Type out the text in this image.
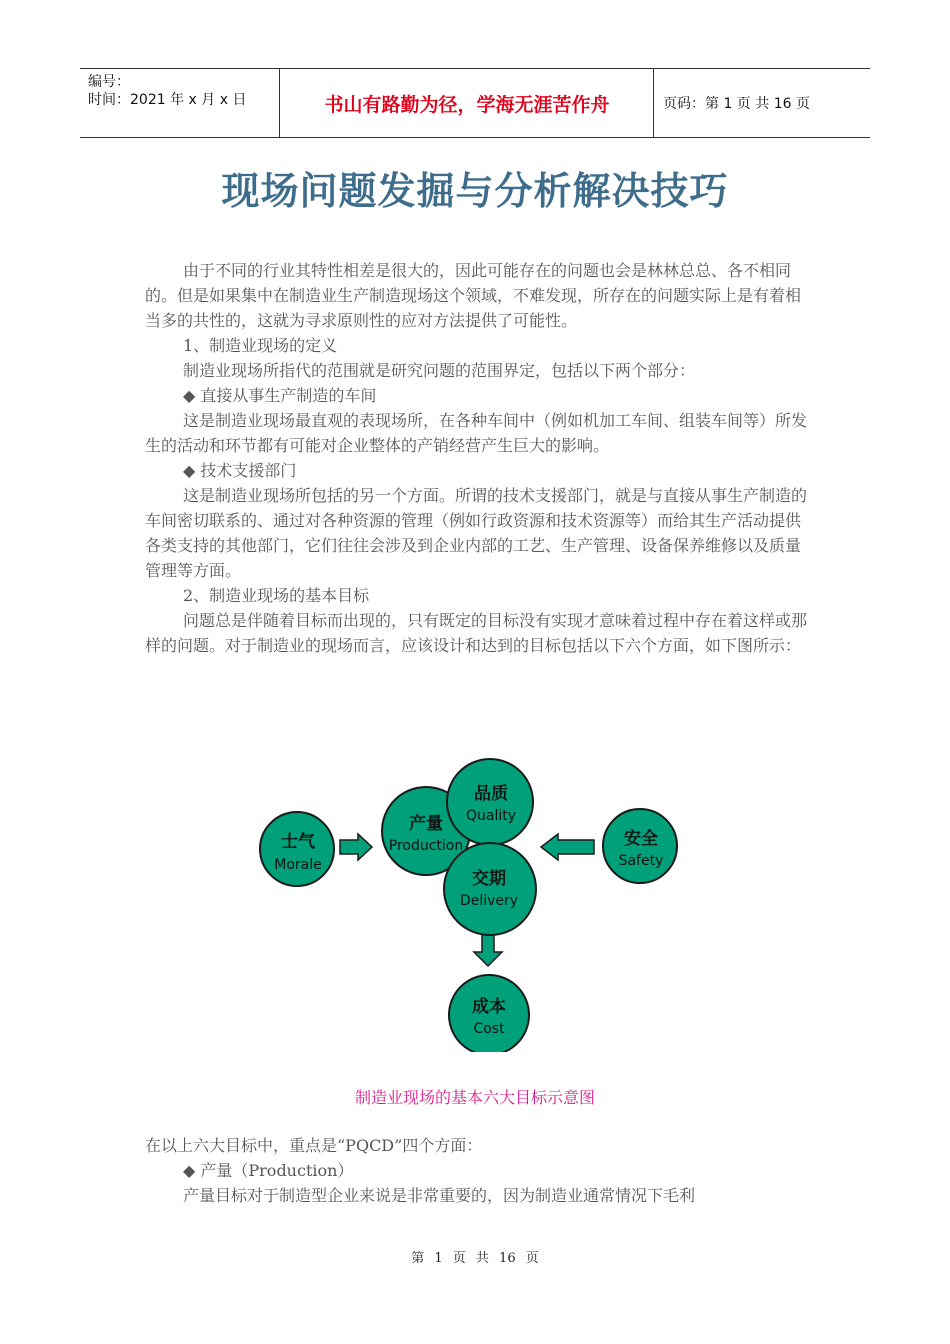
编号：
时间：2021 年 x 月 x 日	书山有路勤为径，学海无涯苦作舟	页码：第 1 页 共 16 页
现场问题发掘与分析解决技巧

由于不同的行业其特性相差是很大的，因此可能存在的问题也会是林林总总、各不相同的。但是如果集中在制造业生产制造现场这个领域，不难发现，所存在的问题实际上是有着相当多的共性的，这就为寻求原则性的应对方法提供了可能性。

1、制造业现场的定义

制造业现场所指代的范围就是研究问题的范围界定，包括以下两个部分：

◆ 直接从事生产制造的车间

这是制造业现场最直观的表现场所，在各种车间中（例如机加工车间、组装车间等）所发生的活动和环节都有可能对企业整体的产销经营产生巨大的影响。

◆ 技术支援部门

这是制造业现场所包括的另一个方面。所谓的技术支援部门，就是与直接从事生产制造的车间密切联系的、通过对各种资源的管理（例如行政资源和技术资源等）而给其生产活动提供各类支持的其他部门，它们往往会涉及到企业内部的工艺、生产管理、设备保养维修以及质量管理等方面。

2、制造业现场的基本目标

问题总是伴随着目标而出现的，只有既定的目标没有实现才意味着过程中存在着这样或那样的问题。对于制造业的现场而言，应该设计和达到的目标包括以下六个方面，如下图所示：

士气
Morale
产量
Production
品质
Quality
交期
Delivery
安全
Safety
成本
Cost
制造业现场的基本六大目标示意图

在以上六大目标中，重点是“PQCD”四个方面：

◆ 产量（Production）

产量目标对于制造型企业来说是非常重要的，因为制造业通常情况下毛利

第 1 页 共 16 页
